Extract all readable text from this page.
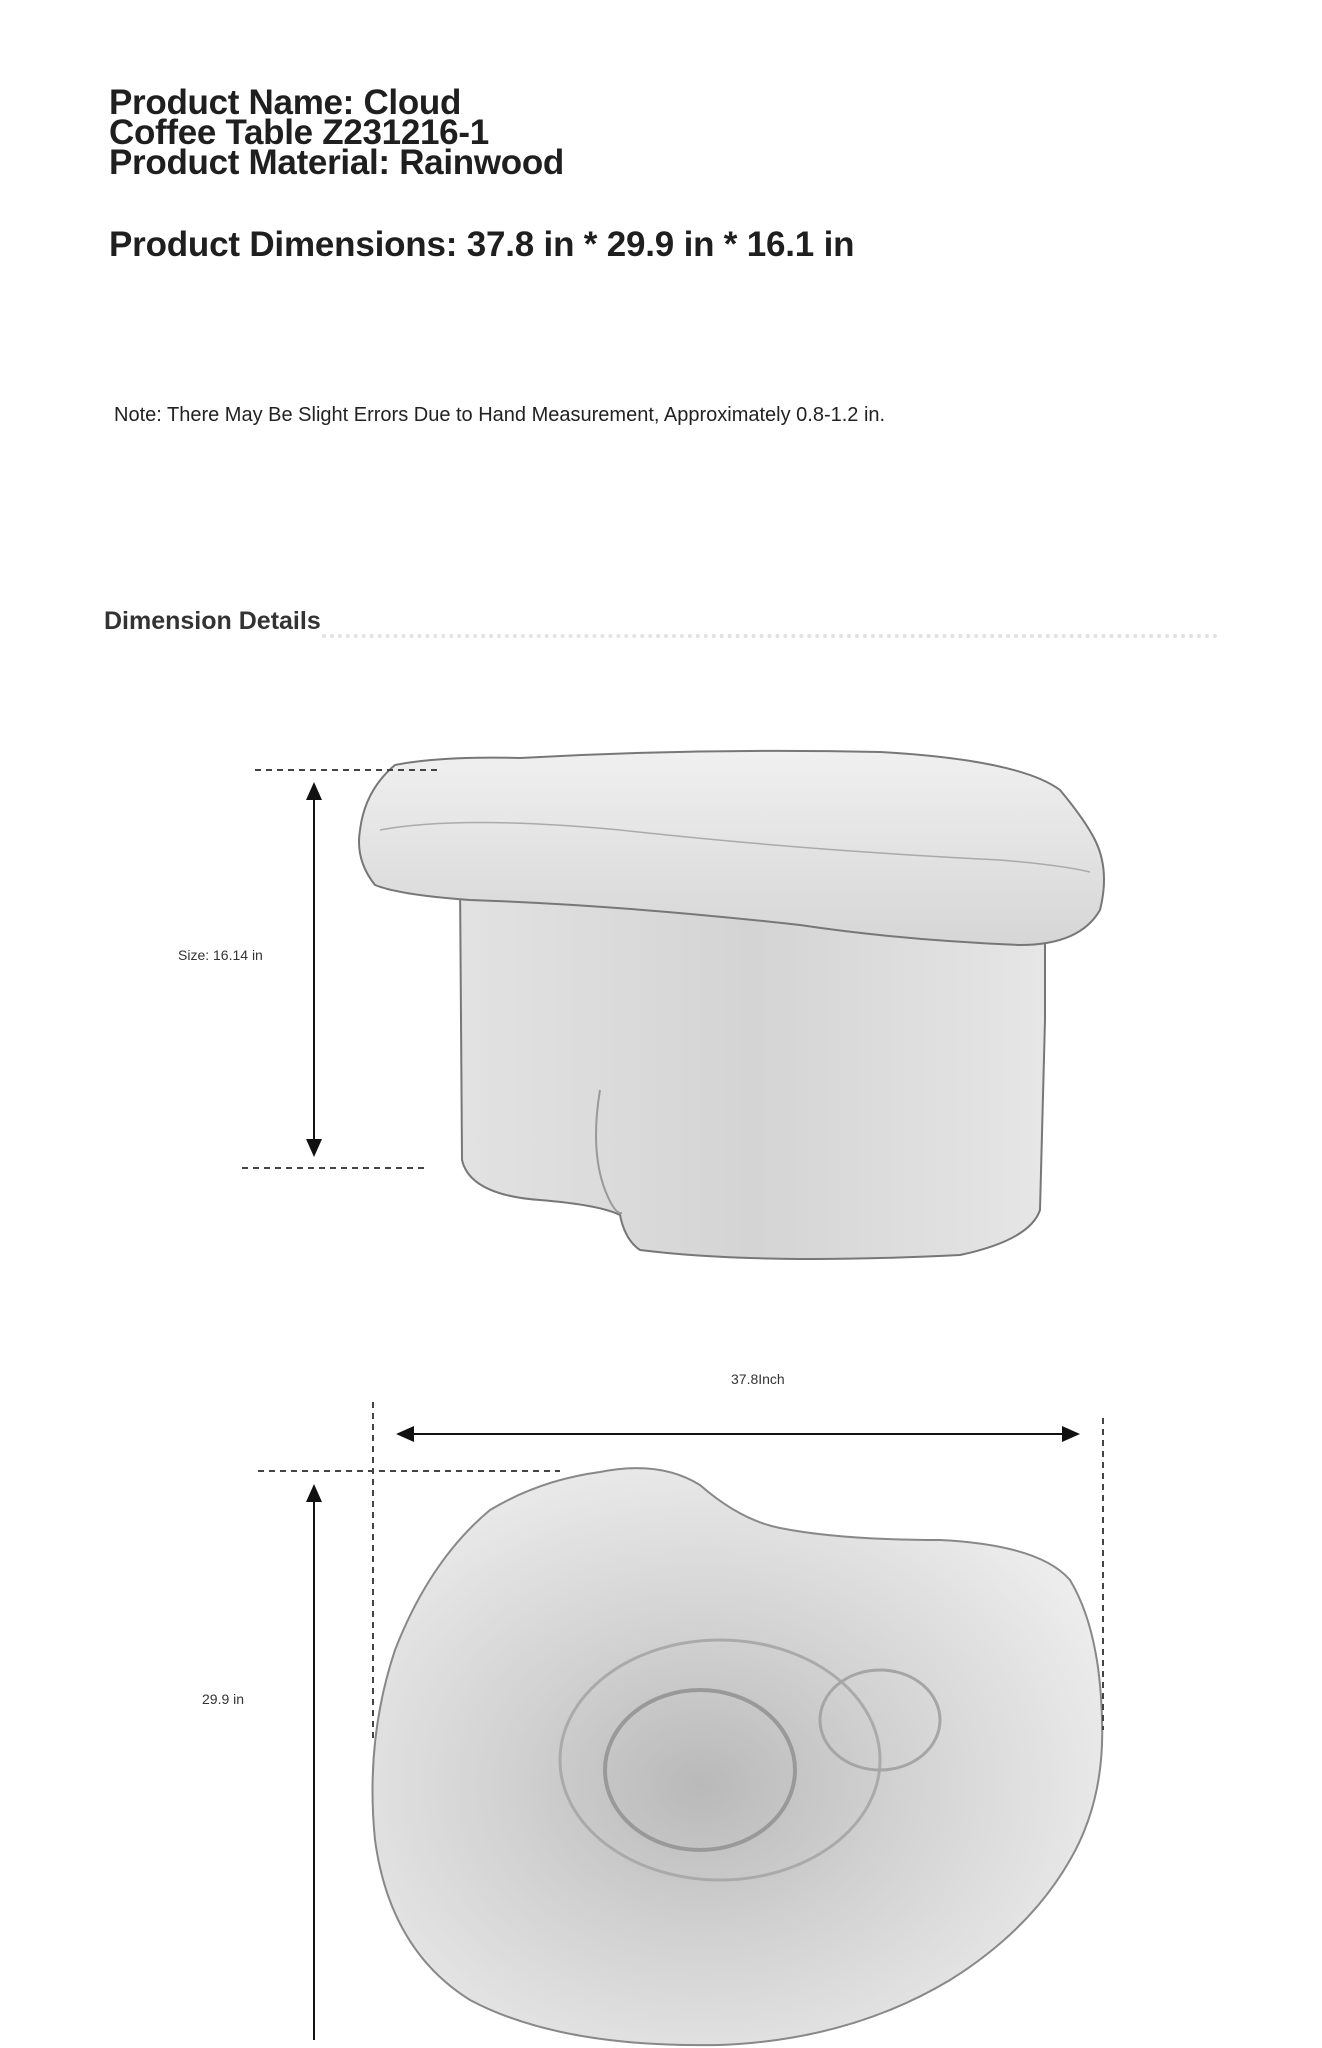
Product Name: Cloud
Coffee Table Z231216-1
Product Material: Rainwood
Product Dimensions: 37.8 in * 29.9 in * 16.1 in
Note: There May Be Slight Errors Due to Hand Measurement, Approximately 0.8-1.2 in.
Dimension Details
Size: 16.14 in
37.8Inch
29.9 in
